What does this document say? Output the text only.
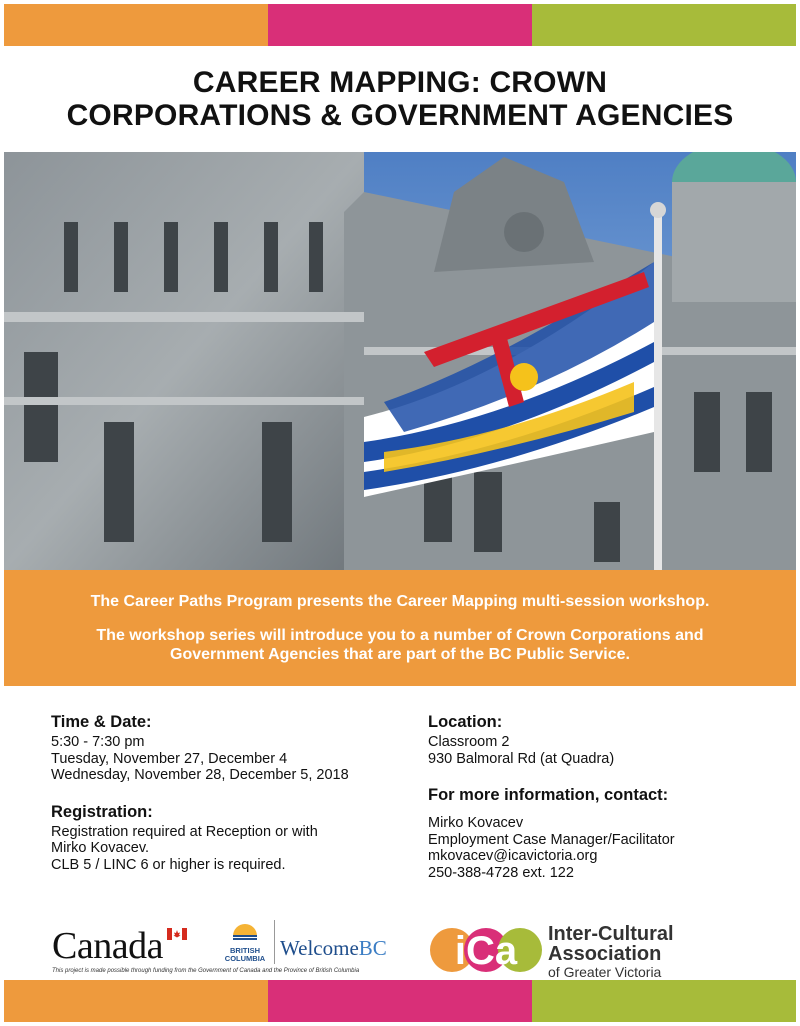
CAREER MAPPING: CROWN
CORPORATIONS & GOVERNMENT AGENCIES
The Career Paths Program presents the Career Mapping multi-session workshop.
The workshop series will introduce you to a number of Crown Corporations and
Government Agencies that are part of the BC Public Service.
Time & Date:
5:30 - 7:30 pm
Tuesday, November 27, December 4
Wednesday, November 28, December 5, 2018
Registration:
Registration required at Reception or with
Mirko Kovacev.
CLB 5 / LINC 6 or higher is required.
Location:
Classroom 2
930 Balmoral Rd (at Quadra)
For more information, contact:
Mirko Kovacev
Employment Case Manager/Facilitator
mkovacev@icavictoria.org
250-388-4728 ext. 122
Canada	BRITISH
COLUMBIA WelcomeBC
This project is made possible through funding from the Government of Canada and the Province of British Columbia iCa Inter-Cultural
Association
of Greater Victoria
